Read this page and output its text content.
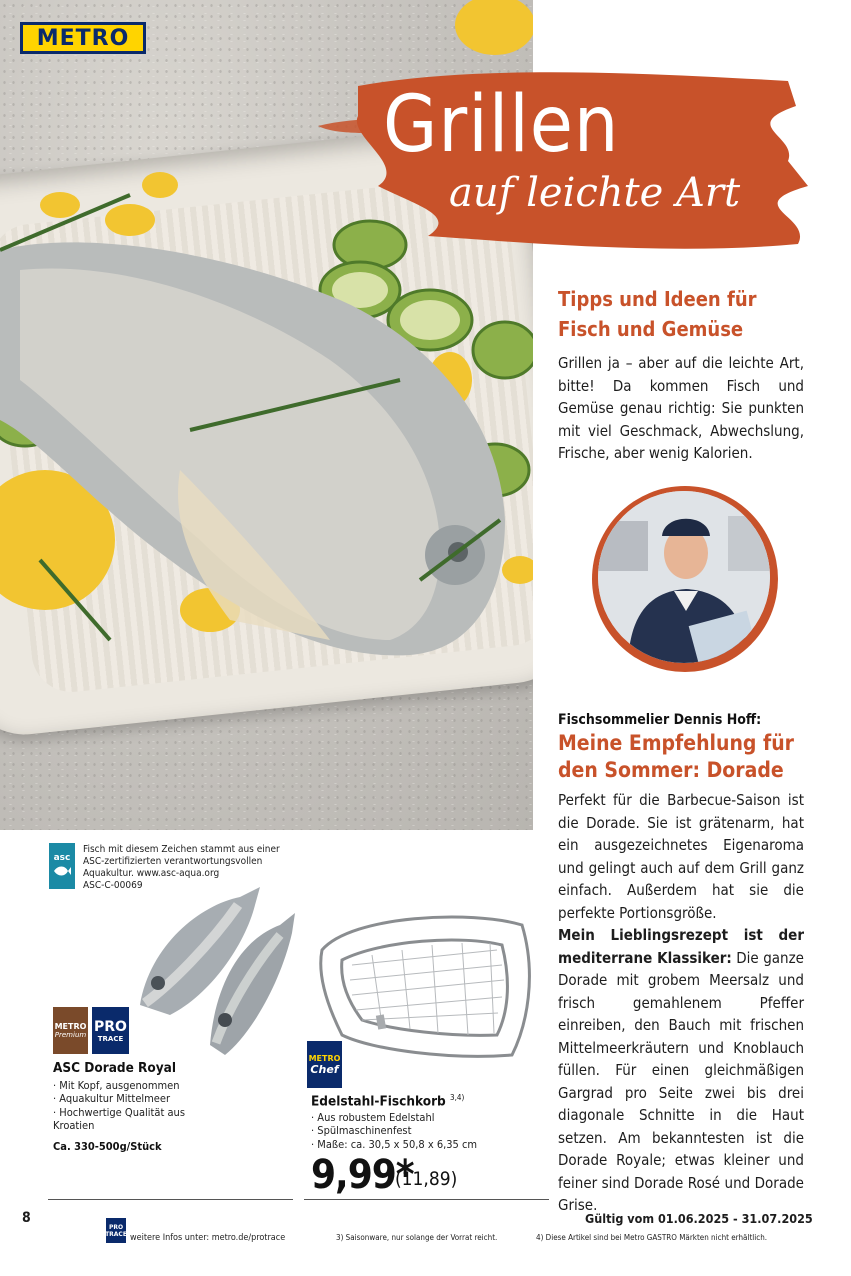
METRO
Grillen
auf leichte Art
Tipps und Ideen für
Fisch und Gemüse
Grillen ja – aber auf die leichte Art, bitte! Da kommen Fisch und Gemüse genau richtig: Sie punkten mit viel Geschmack, Abwechslung, Frische, aber wenig Kalorien.
Fischsommelier Dennis Hoff:
Meine Empfehlung für
den Sommer: Dorade
Perfekt für die Barbecue-Saison ist die Dorade. Sie ist grätenarm, hat ein ausgezeichnetes Eigenaroma und gelingt auch auf dem Grill ganz einfach. Außerdem hat sie die perfekte Portionsgröße.
Mein Lieblingsrezept ist der mediterrane Klassiker: Die ganze Dorade mit grobem Meersalz und frisch gemahlenem Pfeffer einreiben, den Bauch mit frischen Mittelmeerkräutern und Knoblauch füllen. Für einen gleichmäßigen Gargrad pro Seite zwei bis drei diagonale Schnitte in die Haut setzen. Am bekanntesten ist die Dorade Royale; etwas kleiner und feiner sind Dorade Rosé und Dorade Grise.
asc
Fisch mit diesem Zeichen stammt aus einer ASC-zertifizierten verantwortungsvollen Aquakultur. www.asc-aqua.org
ASC-C-00069
METRO
Premium
PRO
TRACE
ASC Dorade Royal
· Mit Kopf, ausgenommen
· Aquakultur Mittelmeer
· Hochwertige Qualität aus Kroatien
Ca. 330-500g/Stück
METRO
Chef
Edelstahl-Fischkorb $^{3,4)}$
· Aus robustem Edelstahl
· Spülmaschinenfest
· Maße: ca. 30,5 x 50,8 x 6,35 cm
9,99*
(11,89)
8	Gültig vom 01.06.2025 - 31.07.2025
PRO
TRACE weitere Infos unter: metro.de/protrace	3) Saisonware, nur solange der Vorrat reicht.	4) Diese Artikel sind bei Metro GASTRO Märkten nicht erhältlich.
